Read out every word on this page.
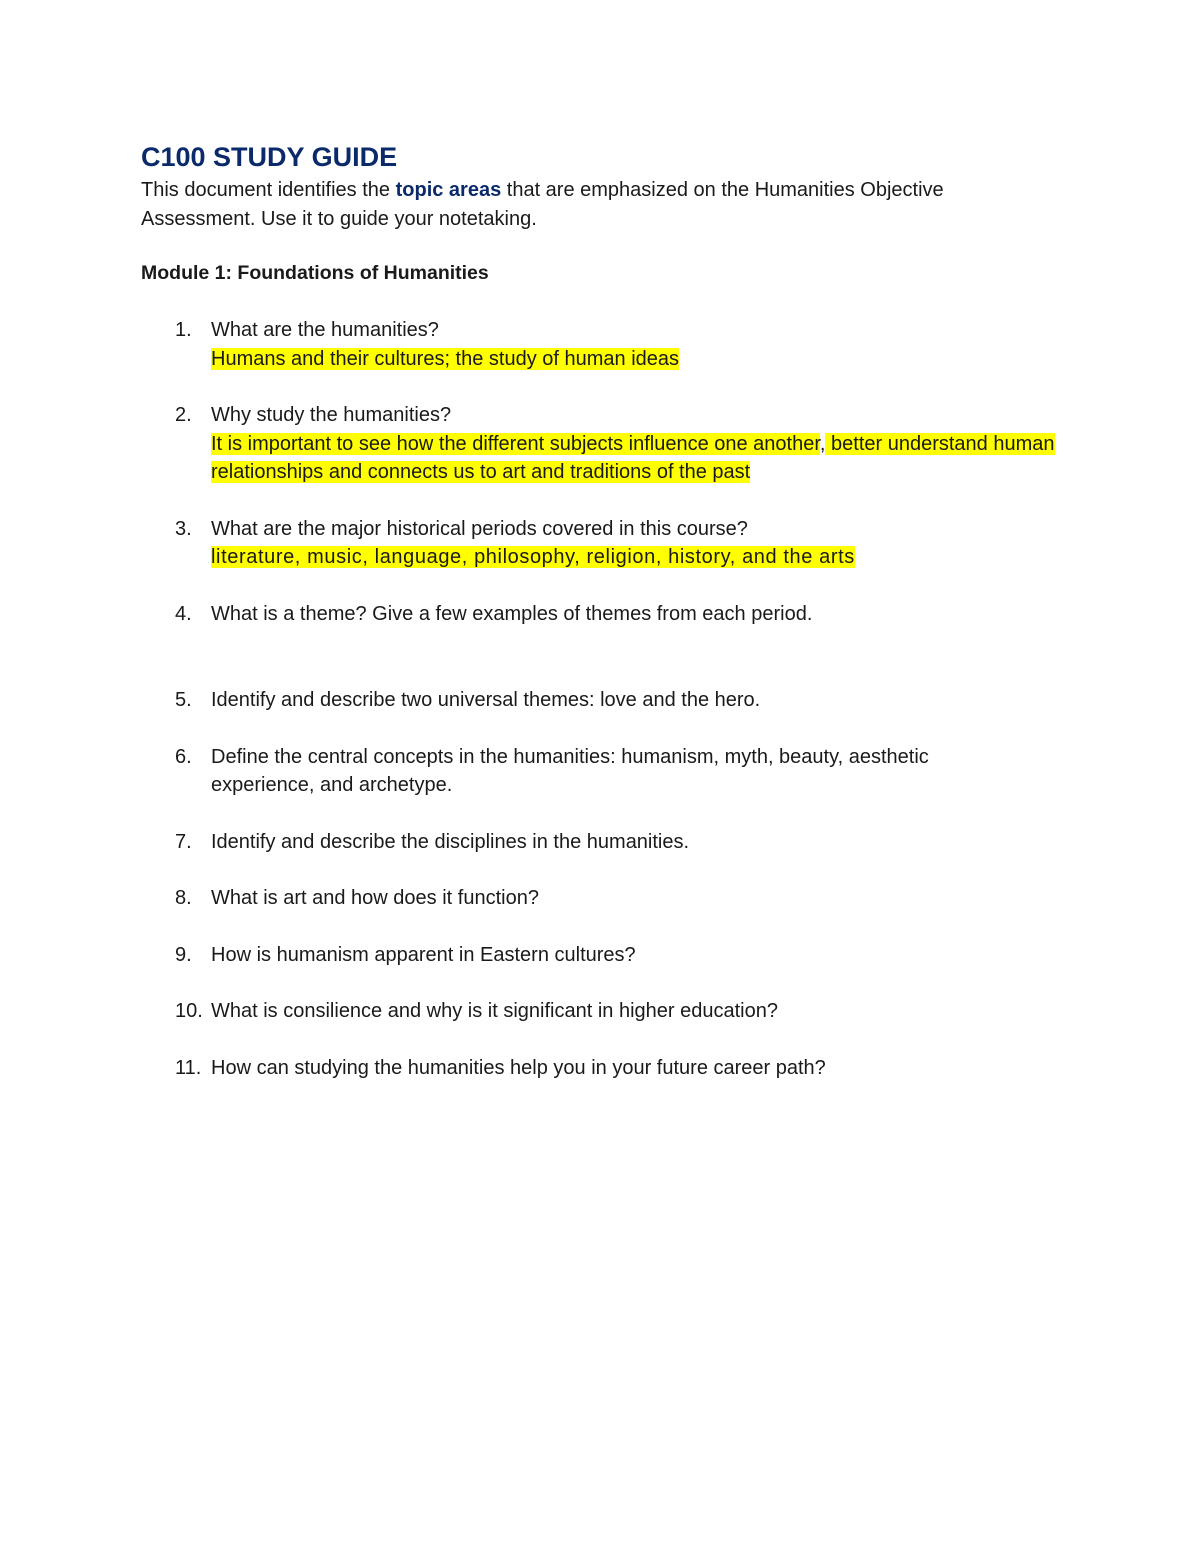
C100 STUDY GUIDE

This document identifies the topic areas that are emphasized on the Humanities Objective Assessment. Use it to guide your notetaking.

Module 1: Foundations of Humanities
1. What are the humanities?
Humans and their cultures; the study of human ideas
2. Why study the humanities?
It is important to see how the different subjects influence one another, better understand human relationships and connects us to art and traditions of the past
3. What are the major historical periods covered in this course?
literature, music, language, philosophy, religion, history, and the arts
4. What is a theme? Give a few examples of themes from each period.
5. Identify and describe two universal themes: love and the hero.
6. Define the central concepts in the humanities: humanism, myth, beauty, aesthetic experience, and archetype.
7. Identify and describe the disciplines in the humanities.
8. What is art and how does it function?
9. How is humanism apparent in Eastern cultures?
10. What is consilience and why is it significant in higher education?
11. How can studying the humanities help you in your future career path?
